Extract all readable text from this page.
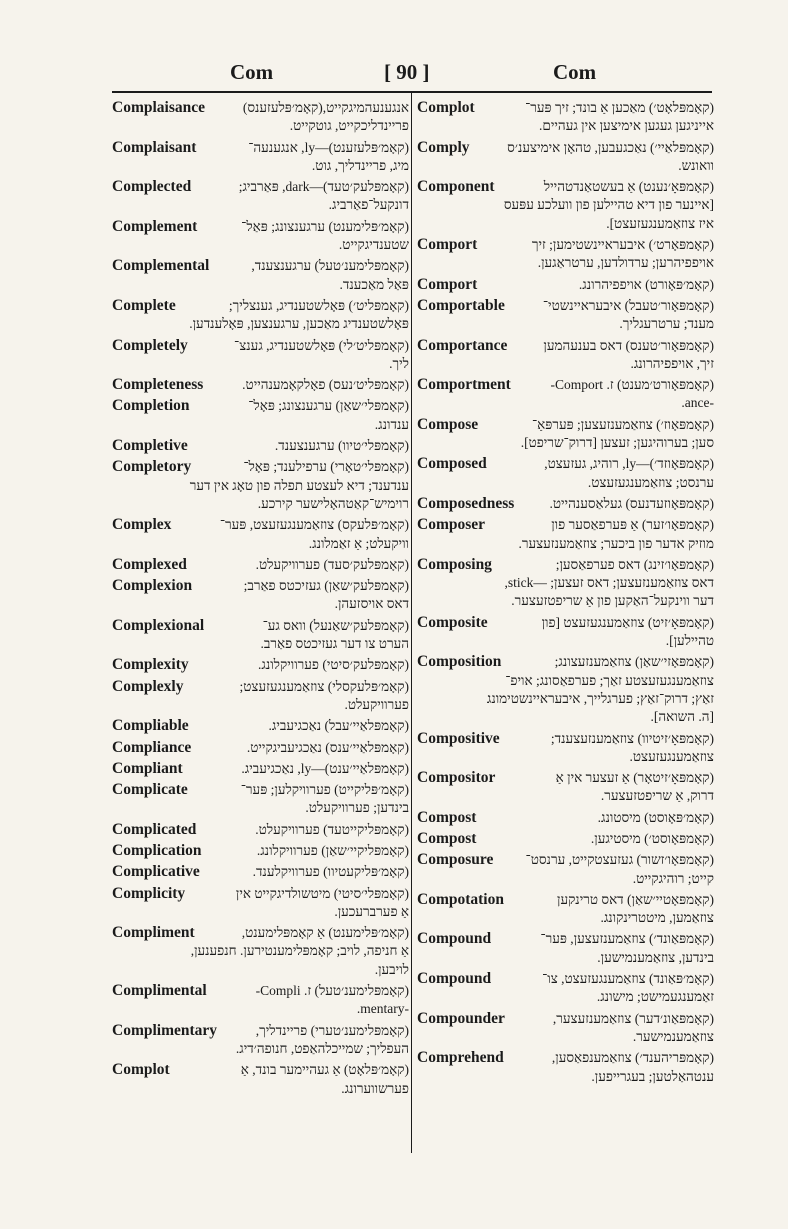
Com	[ 90 ]	Com
Complaisance	אנגענעהמיגקייט,(קאָמ׳פּלעזענס)
פריינדליכקייט, גוטקייט.
Complaisant	(קאָמ׳פּלעזענט)—ly, אנגענעה־
מיג, פריינדליך, גוט.
Complected	(קאָמפּלעק׳טעד)—dark, פּאַרביג;
דונקעל־פאַרביג.
Complement	(קאָמ׳פּלימענט) ערגענצונג; פּאַל־
שטענדיגקייט.
Complemental	(קאָמפּלימענ׳טעל) ערגענצענד,
פּאַל מאַכענד.
Complete	(קאָמפּליט׳) פּאָלשטענדיג, גענצליך;
פּאָלשטענדיג מאַכען, ערגענצען, פּאָלענדען.
Completely	(קאָמפּליט׳לי) פּאָלשטענדיג, גענצ־
ליך.
Completeness	(קאָמפּליט׳נעס) פאָלקאָמענהייט.
Completion	(קאָמפּלי׳שאַן) ערגענצונג; פּאָל־
ענדונג.
Completive	(קאָמפּלי׳טיוו) ערגענצענד.
Completory	(קאָמפּלי׳טאָרי) ערפילענד; פּאָל־
ענדענד; דיא לעצטע תפלה פון טאָג אין דער
רוימיש־קאַטהאָלישער קירכע.
Complex	(קאָמ׳פּלעקס) צוזאַמענגעזעצט, פּער־
וויקעלט; אַ זאַמלונג.
Complexed	(קאָמפּלעק׳סעד) פערוויקעלט.
Complexion	(קאָמפּלעק׳שאַן) געזיכטס פאַרב;
דאס אויסזעהן.
Complexional	(קאָמפּלעק׳שאַנעל) וואס גע־
הערט צו דער געזיכטס פאַרב.
Complexity	(קאָמפּלעק׳סיטי) פערוויקלונג.
Complexly	(קאָמ׳פּלעקסלי) צוזאַמענגעזעצט;
פערוויקעלט.
Compliable	(קאָמפּלאַיי׳עבל) נאַכגיעביג.
Compliance	(קאָמפּלאַיי׳ענס) נאַכגיעביגקייט.
Compliant	(קאָמפּלאַיי׳ענט)—ly, נאַכגיעביג.
Complicate	(קאָמ׳פּליקייט) פערוויקלען; פּער־
בינדען; פערוויקעלט.
Complicated	(קאָמפּליקייטעד) פערוויקעלט.
Complication	(קאָמפּליקיי׳שאַן) פערוויקלונג.
Complicative	(קאָמ׳פּליקעטיוו) פערוויקלענד.
Complicity	(קאָמפּלי׳סיטי) מיטשולדיגקייט אין
אַ פערברעכען.
Compliment	(קאָמ׳פּלימענט) אַ קאָמפּלימענט,
אַ חניפה, לויב; קאָמפּלימענטירען. חנפענען,
לויבען.
Complimental	(קאָמפּלימענ׳טעל) ז. Compli-
-mentary.
Complimentary	(קאָמפּלימענ׳טערי) פריינדליך,
העפליך; שמייכלהאַפט, חנופה׳דיג.
Complot	(קאָמ׳פּלאָט) אַ געהיימער בונד, אַ
פערשווערונג.
Complot	(קאָמפּלאָט׳) מאַכען אַ בונד; זיך פּער־
אייניגען געגען אימיצען אין געהיים.
Comply	(קאָמפּלאַיי׳) נאַכגעבען, טהאָן אימיצענ׳ס
וואונש.
Component	(קאָמפּאָ׳נענט) אַ בעשטאַנדטהייל
[איינער פון דיא טהיילען פון וועלכע עפּעס
איז צוזאַמענגעזעצט].
Comport	(קאָמפּאָרט׳) איבעראיינשטימען; זיך
אויפפיהרען; ערדולדען, ערטראַגען.
Comport	(קאָמ׳פּאָורט) אויפפיהרונג.
Comportable	(קאָמפּאָור׳טעבל) איבעראיינשטי־
מענד; ערטרעגליך.
Comportance	(קאָמפּאָור׳טענס) דאס בענעהמען
זיך, אויפפיהרונג.
Comportment	(קאָמפּאָורט׳מענט) ז. Comport-
-ance.
Compose	(קאָמפּאָוז׳) צוזאַמענזעצען; פּערפּאַ־
סען; בערוהיגען; זעצען [דרוק־שריפט].
Composed	(קאָמפּאָוזד׳)—ly, רוהיג, געזעצט,
ערנסט; צוזאַמענגעזעצט.
Composedness	(קאָמפּאָוזעדנעס) געלאַסענהייט.
Composer	(קאָמפּאָו׳זער) אַ פּערפאַסער פון
מוזיק אדער פון ביכער; צוזאַמענזעצער.
Composing	(קאָמפּאָו׳זינג) דאס פערפאַסען;
דאס צוזאַמענזעצען; דאס זעצען; —stick,
דער ווינקעל־האַקען פון אַ שריפטזעצער.
Composite	(קאָמפּאָ׳זיט) צוזאַמענגעזעצט [פון
טהיילען].
Composition	(קאָמפּאָזי׳שאַן) צוזאַמענזעצונג;
צוזאַמענגעזעצטע זאַך; פערפאַסונג; אויפ־
זאַץ; דרוק־זאַץ; פערגלייך, איבעראיינשטימונג
[ה. השואה].
Compositive	(קאָמפּאָ׳זיטיוו) צוזאַמענזעצענד;
צוזאַמענגעזעצט.
Compositor	(קאָמפּאָ׳זיטאָר) אַ זעצער אין אַ
דרוק, אַ שריפטזעצער.
Compost	(קאָמ׳פּאָוסט) מיסטונג.
Compost	(קאָמפּאָוסט׳) מיסטיגען.
Composure (קאָמפּאָו׳זשור) געזעצטקייט, ערנסט־
קייט; רוהיגקייט.
Compotation	(קאָמפּאָטיי׳שאַן) דאס טרינקען
צוזאַמען, מיטטרינקונג.
Compound	(קאָמפּאַונד׳) צוזאַמענזעצען, פּער־
בינדען, צוזאַמענמישען.
Compound	(קאָמ׳פּאַונד) צוזאַמענגעזעצט, צו־
זאַמענגעמישט; מישונג.
Compounder	(קאָמפּאַונ׳דער) צוזאַמענזעצער,
צוזאַמענמישער.
Comprehend	(קאָמפּריהענד׳) צוזאַמענפאַסען,
ענטהאַלטען; בעגרייפען.
